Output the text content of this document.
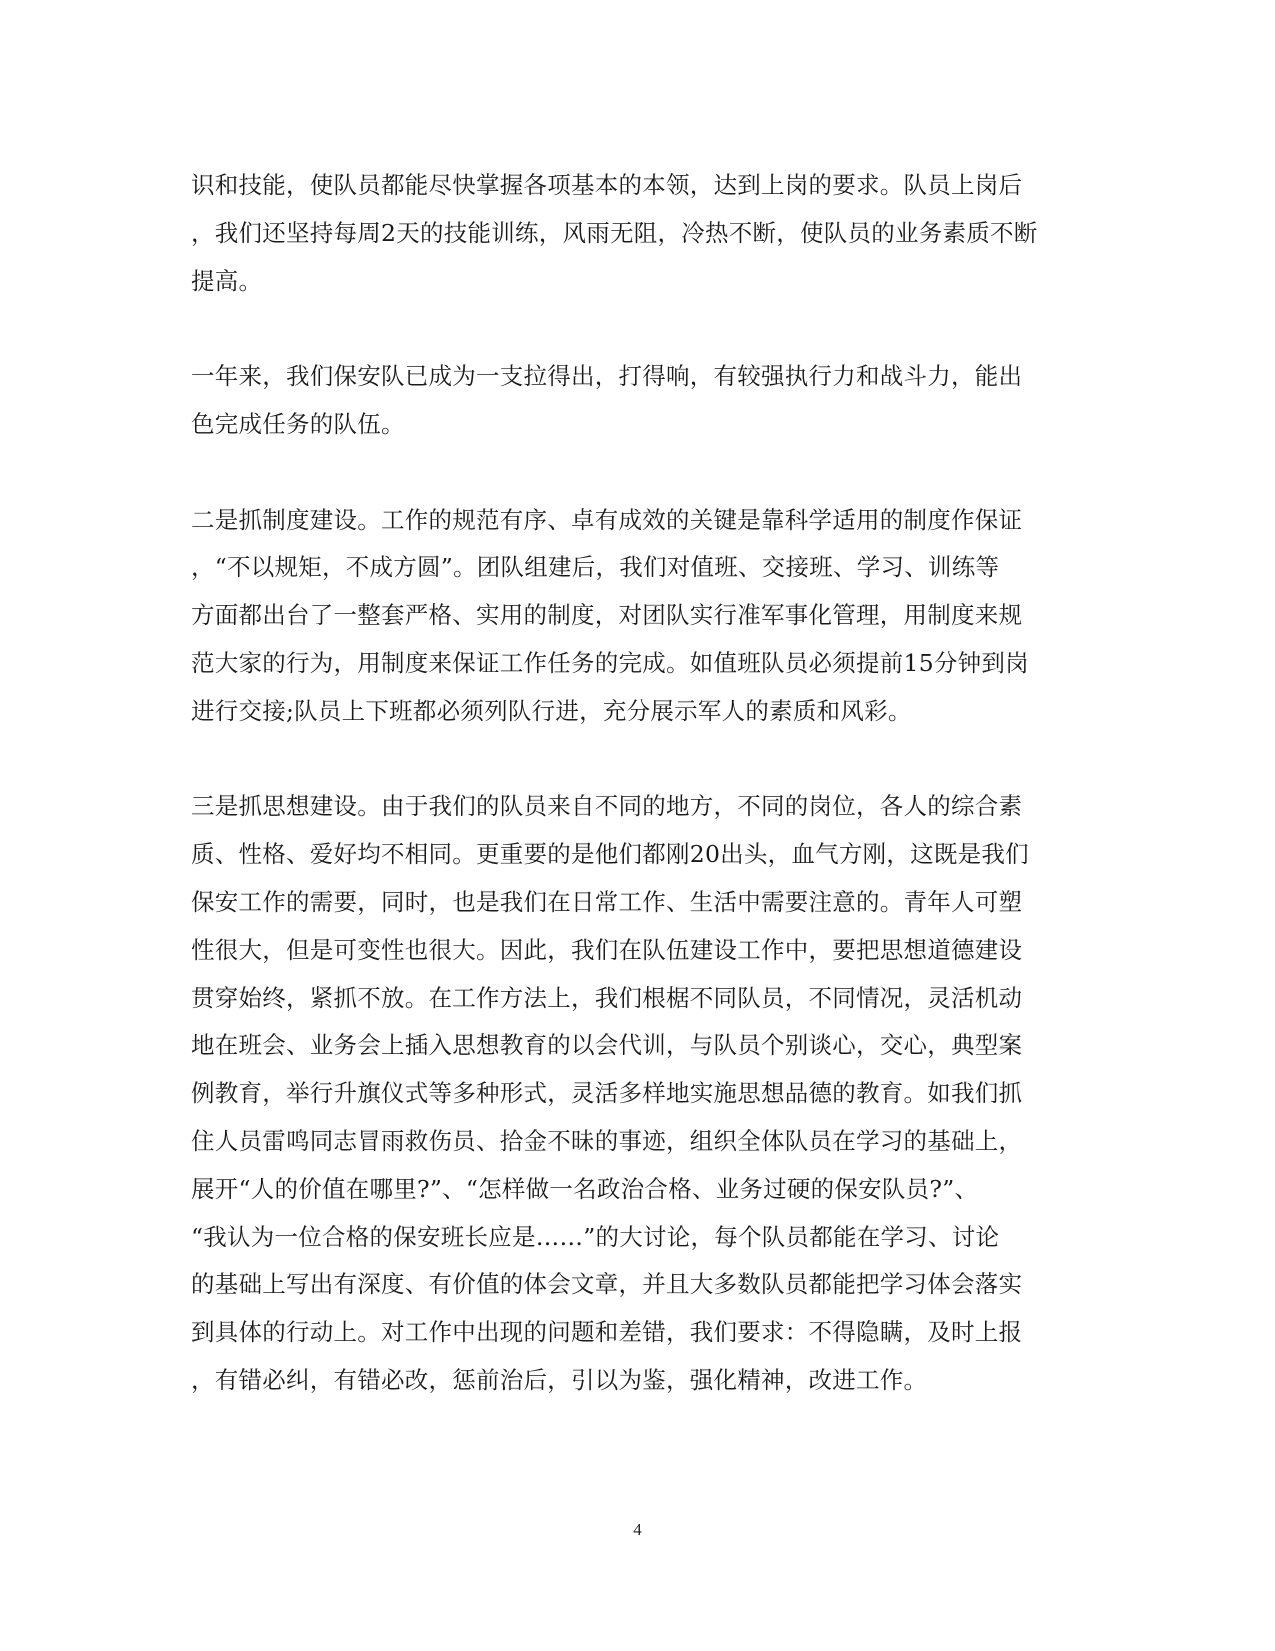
识和技能，使队员都能尽快掌握各项基本的本领，达到上岗的要求。队员上岗后
，我们还坚持每周2天的技能训练，风雨无阻，冷热不断，使队员的业务素质不断
提高。
一年来，我们保安队已成为一支拉得出，打得响，有较强执行力和战斗力，能出
色完成任务的队伍。
二是抓制度建设。工作的规范有序、卓有成效的关键是靠科学适用的制度作保证
，“不以规矩，不成方圆”。团队组建后，我们对值班、交接班、学习、训练等
方面都出台了一整套严格、实用的制度，对团队实行准军事化管理，用制度来规
范大家的行为，用制度来保证工作任务的完成。如值班队员必须提前15分钟到岗
进行交接;队员上下班都必须列队行进，充分展示军人的素质和风彩。
三是抓思想建设。由于我们的队员来自不同的地方，不同的岗位，各人的综合素
质、性格、爱好均不相同。更重要的是他们都刚20出头，血气方刚，这既是我们
保安工作的需要，同时，也是我们在日常工作、生活中需要注意的。青年人可塑
性很大，但是可变性也很大。因此，我们在队伍建设工作中，要把思想道德建设
贯穿始终，紧抓不放。在工作方法上，我们根椐不同队员，不同情况，灵活机动
地在班会、业务会上插入思想教育的以会代训，与队员个别谈心，交心，典型案
例教育，举行升旗仪式等多种形式，灵活多样地实施思想品德的教育。如我们抓
住人员雷鸣同志冒雨救伤员、拾金不昧的事迹，组织全体队员在学习的基础上，
展开“人的价值在哪里?”、“怎样做一名政治合格、业务过硬的保安队员?”、
“我认为一位合格的保安班长应是……”的大讨论，每个队员都能在学习、讨论
的基础上写出有深度、有价值的体会文章，并且大多数队员都能把学习体会落实
到具体的行动上。对工作中出现的问题和差错，我们要求：不得隐瞒，及时上报
，有错必纠，有错必改，惩前治后，引以为鉴，强化精神，改进工作。
4
